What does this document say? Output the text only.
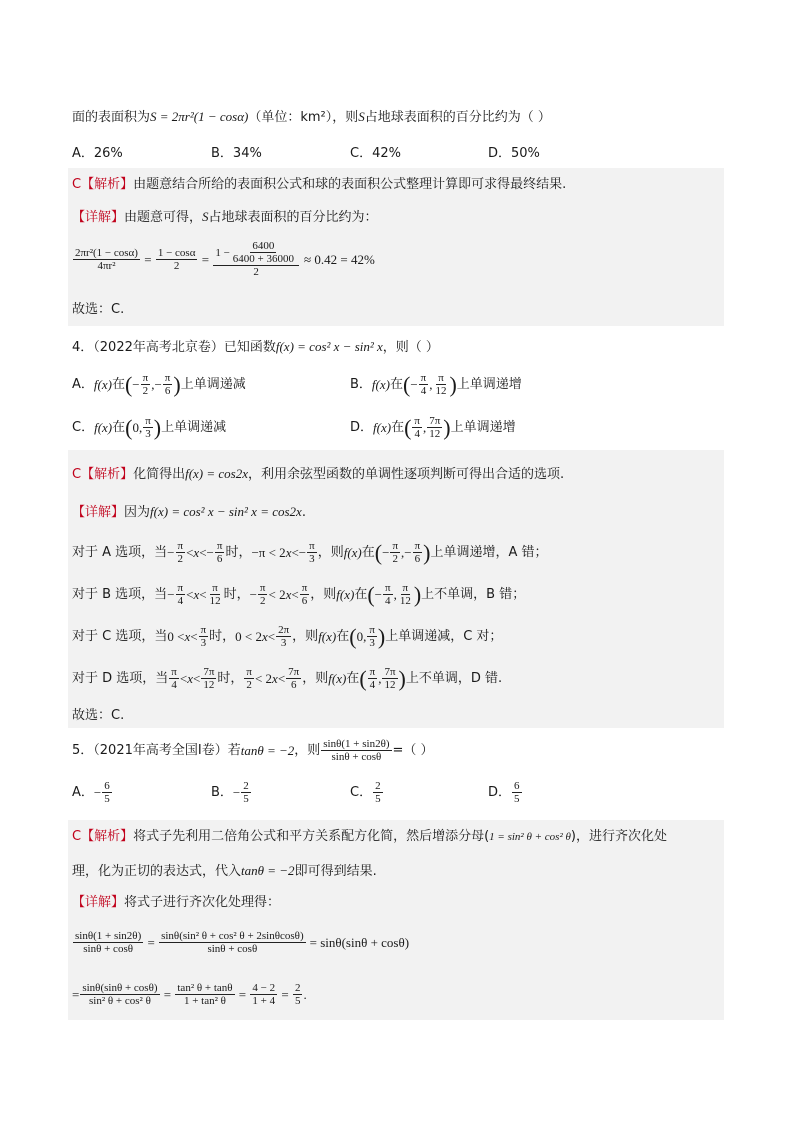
面的表面积为S = 2πr²(1 − cosα)（单位：km²），则S占地球表面积的百分比约为（ ）
A．26%	B．34%	C．42%	D．50%
C【解析】由题意结合所给的表面积公式和球的表面积公式整理计算即可求得最终结果.
【详解】由题意可得，S占地球表面积的百分比约为：
$\frac{\text{2πr²(1 − cosα)}}{\text{4πr²}} = \frac{1 - \cos\alpha}{2} = \frac{1 - \frac{6400}{6400 + 36000}}{2} \approx 0.42 = 42\%$
故选：C.
4．（2022年高考北京卷）已知函数f(x) = cos² x − sin² x，则（ ）
A． f(x) 在 ( − $\frac{\pi}{2}$ ,− $\frac{\pi}{6}$ ) 上单调递减	B． f(x) 在 ( − $\frac{\pi}{4}$ , $\frac{\pi}{12}$ ) 上单调递增
C． f(x) 在 ( 0, $\frac{\pi}{3}$ ) 上单调递减	D． f(x) 在 ( $\frac{\pi}{4}$ , $\frac{7\pi}{12}$ ) 上单调递增
C【解析】化简得出f(x) = cos2x，利用余弦型函数的单调性逐项判断可得出合适的选项.
【详解】因为f(x) = cos² x − sin² x = cos2x.
对于 A 选项，当 − $\frac{\pi}{2} < x <- \frac{\pi}{6}$ 时， −π < 2 $x <- \frac{\pi}{3}$ ，则 f(x) 在 ( − $\frac{\pi}{2}$ ,− $\frac{\pi}{6}$ ) 上单调递增，A 错；
对于 B 选项，当 − $\frac{\pi}{4} < x < \frac{\pi}{12}$ 时， − $\frac{\pi}{2} < 2$ $x < \frac{\pi}{6}$ ，则 f(x) 在 ( − $\frac{\pi}{4}$ , $\frac{\pi}{12}$ ) 上不单调，B 错；
对于 C 选项，当 $0 < x < \frac{\pi}{3}$ 时， 0 < 2 $x < \frac{2\pi}{3}$ ，则 f(x) 在 ( 0, $\frac{\pi}{3}$ ) 上单调递减，C 对；
对于 D 选项，当 $\frac{\pi}{4} < x < \frac{7\pi}{12}$ 时， $\frac{\pi}{2} < 2$ $x < \frac{7\pi}{6}$ ，则 f(x) 在 ( $\frac{\pi}{4}$ , $\frac{7\pi}{12}$ ) 上不单调，D 错.
故选：C.
5．（2021年高考全国Ⅰ卷）若 tanθ = −2 ，则 $\frac{\sin\theta(1 + \sin 2\theta)}{\sin\theta + \cos\theta}$ =（ ）
A． − $\frac{6}{5}$	B． − $\frac{2}{5}$	C． $\frac{2}{5}$	D． $\frac{6}{5}$
C【解析】将式子先利用二倍角公式和平方关系配方化简，然后增添分母(1 = sin² θ + cos² θ)，进行齐次化处
理，化为正切的表达式，代入tanθ = −2即可得到结果.
【详解】将式子进行齐次化处理得：
$\frac{\sin\theta(1 + \sin 2\theta)}{\sin\theta + \cos\theta} = \frac{\text{sinθ(sin² θ + cos² θ + 2sinθcosθ)}}{\sin\theta + \cos\theta} = \sin\theta(\sin\theta + \cos\theta)$
= $\frac{\sin\theta(\sin\theta + \cos\theta)}{\text{sin² θ + cos² θ}} = \frac{\text{tan² θ + tanθ}}{\text{1 + tan² θ}} = \frac{4 - 2}{1 + 4} = \frac{2}{5}$ .
